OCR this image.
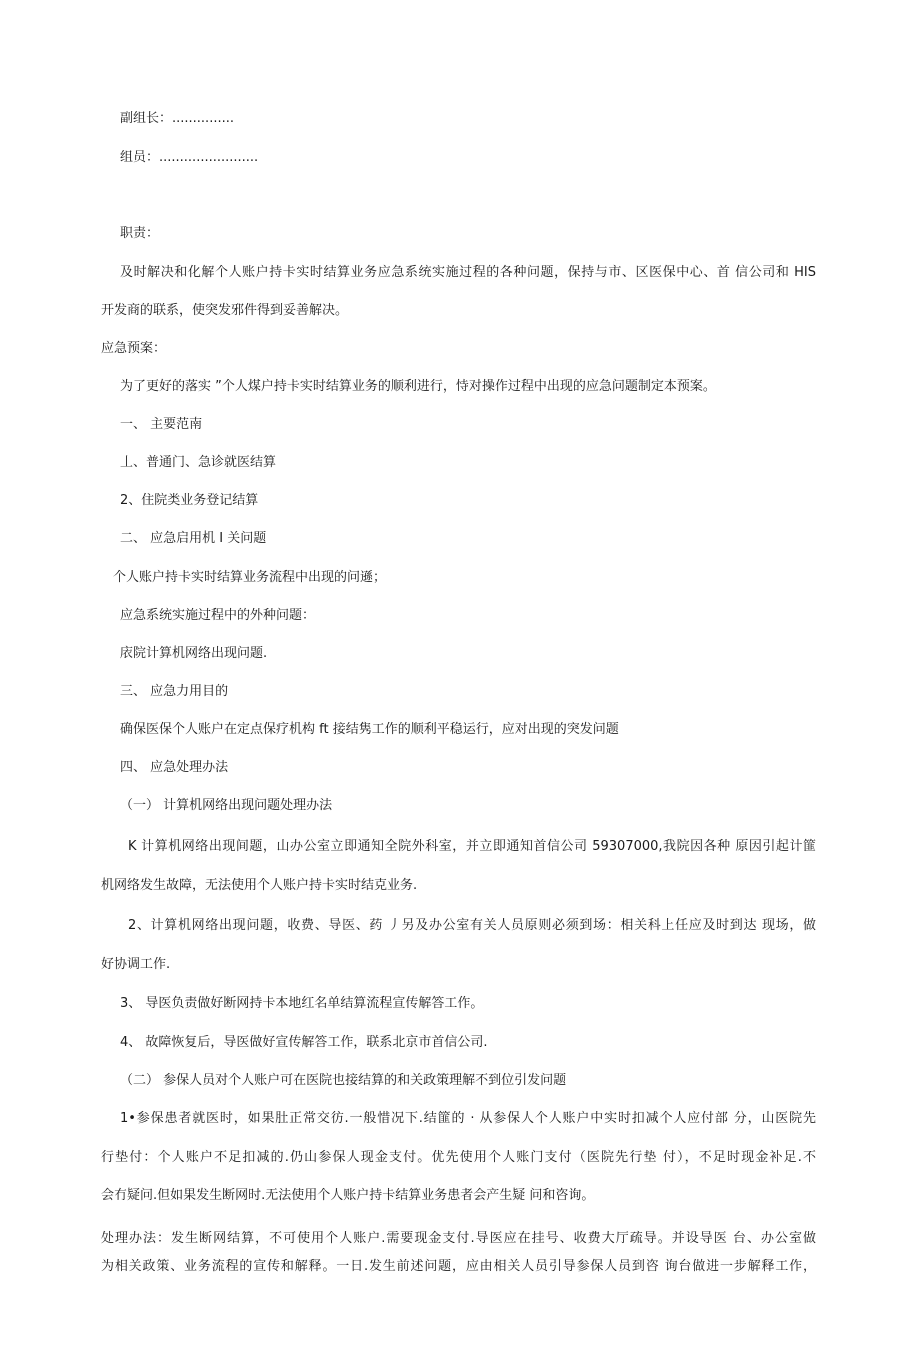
副组长：...............
组员：........................
职责：
及时解决和化解个人账户持卡实时结算业务应急系统实施过程的各种问题，保持与市、区医保中心、首 信公司和 HIS
开发商的联系，使突发邪件得到妥善解决。
应急预案：
为了更好的落实 ”个人煤户持卡实时结算业务的顺利进行，恃对操作过程中出现的应急问题制定本预案。
一、 主要范南
丄、普通门、急诊就医结算
2、住院类业务登记结算
二、 应急启用机 I 关问题
个人账户持卡实时结算业务流程中出现的问遜；
应急系统实施过程中的外种问题：
庡院计算机网络出现问题.
三、 应急力用目的
确保医保个人账户在定点保疗机构 ft 接结隽工作的顺利平稳运行，应对出现的突发问题
四、 应急处理办法
（一） 计算机网络出现问题处理办法
K 计算机网络出现间题，山办公室立即通知全院外科室，并立即通知首信公司 59307000,我院因各种 原因引起计篚
机网络发生故障，无法使用个人账户持卡实时结克业务.
2、计算机网络出现问题，收费、导医、药 丿另及办公室有关人员原则必须到场：相关科上任应及时到达 现场，做
好协调工作.
3、 导医负责做好断网持卡本地红名单结算流程宣传解答工作。
4、 故障恢复后，导医做好宣传解答工作，联系北京市首信公司.
（二） 参保人员对个人账户可在医院也接结算的和关政策理解不到位引发问题
1•参保患者就医时，如果肚正常交彷.一般惜况下.结篚的 · 从参保人个人账户中实时扣减个人应付部 分，山医院先
行垫付：个人账户不足扣减的.仍山参保人现金支付。优先使用个人账门支付（医院先行垫 付），不足时现金补足.不
会冇疑问.但如果发生断网时.无法使用个人账户持卡结算业务患者会产生疑 问和咨询。
处理办法：发生断网结算，不可使用个人账户.需要现金支付.导医应在挂号、收费大厅疏导。并设导医 台、办公室做
为相关政策、业务流程的宣传和解释。一日.发生前述问题，应由相关人员引导参保人员到咨 询台做进一步解释工作，
